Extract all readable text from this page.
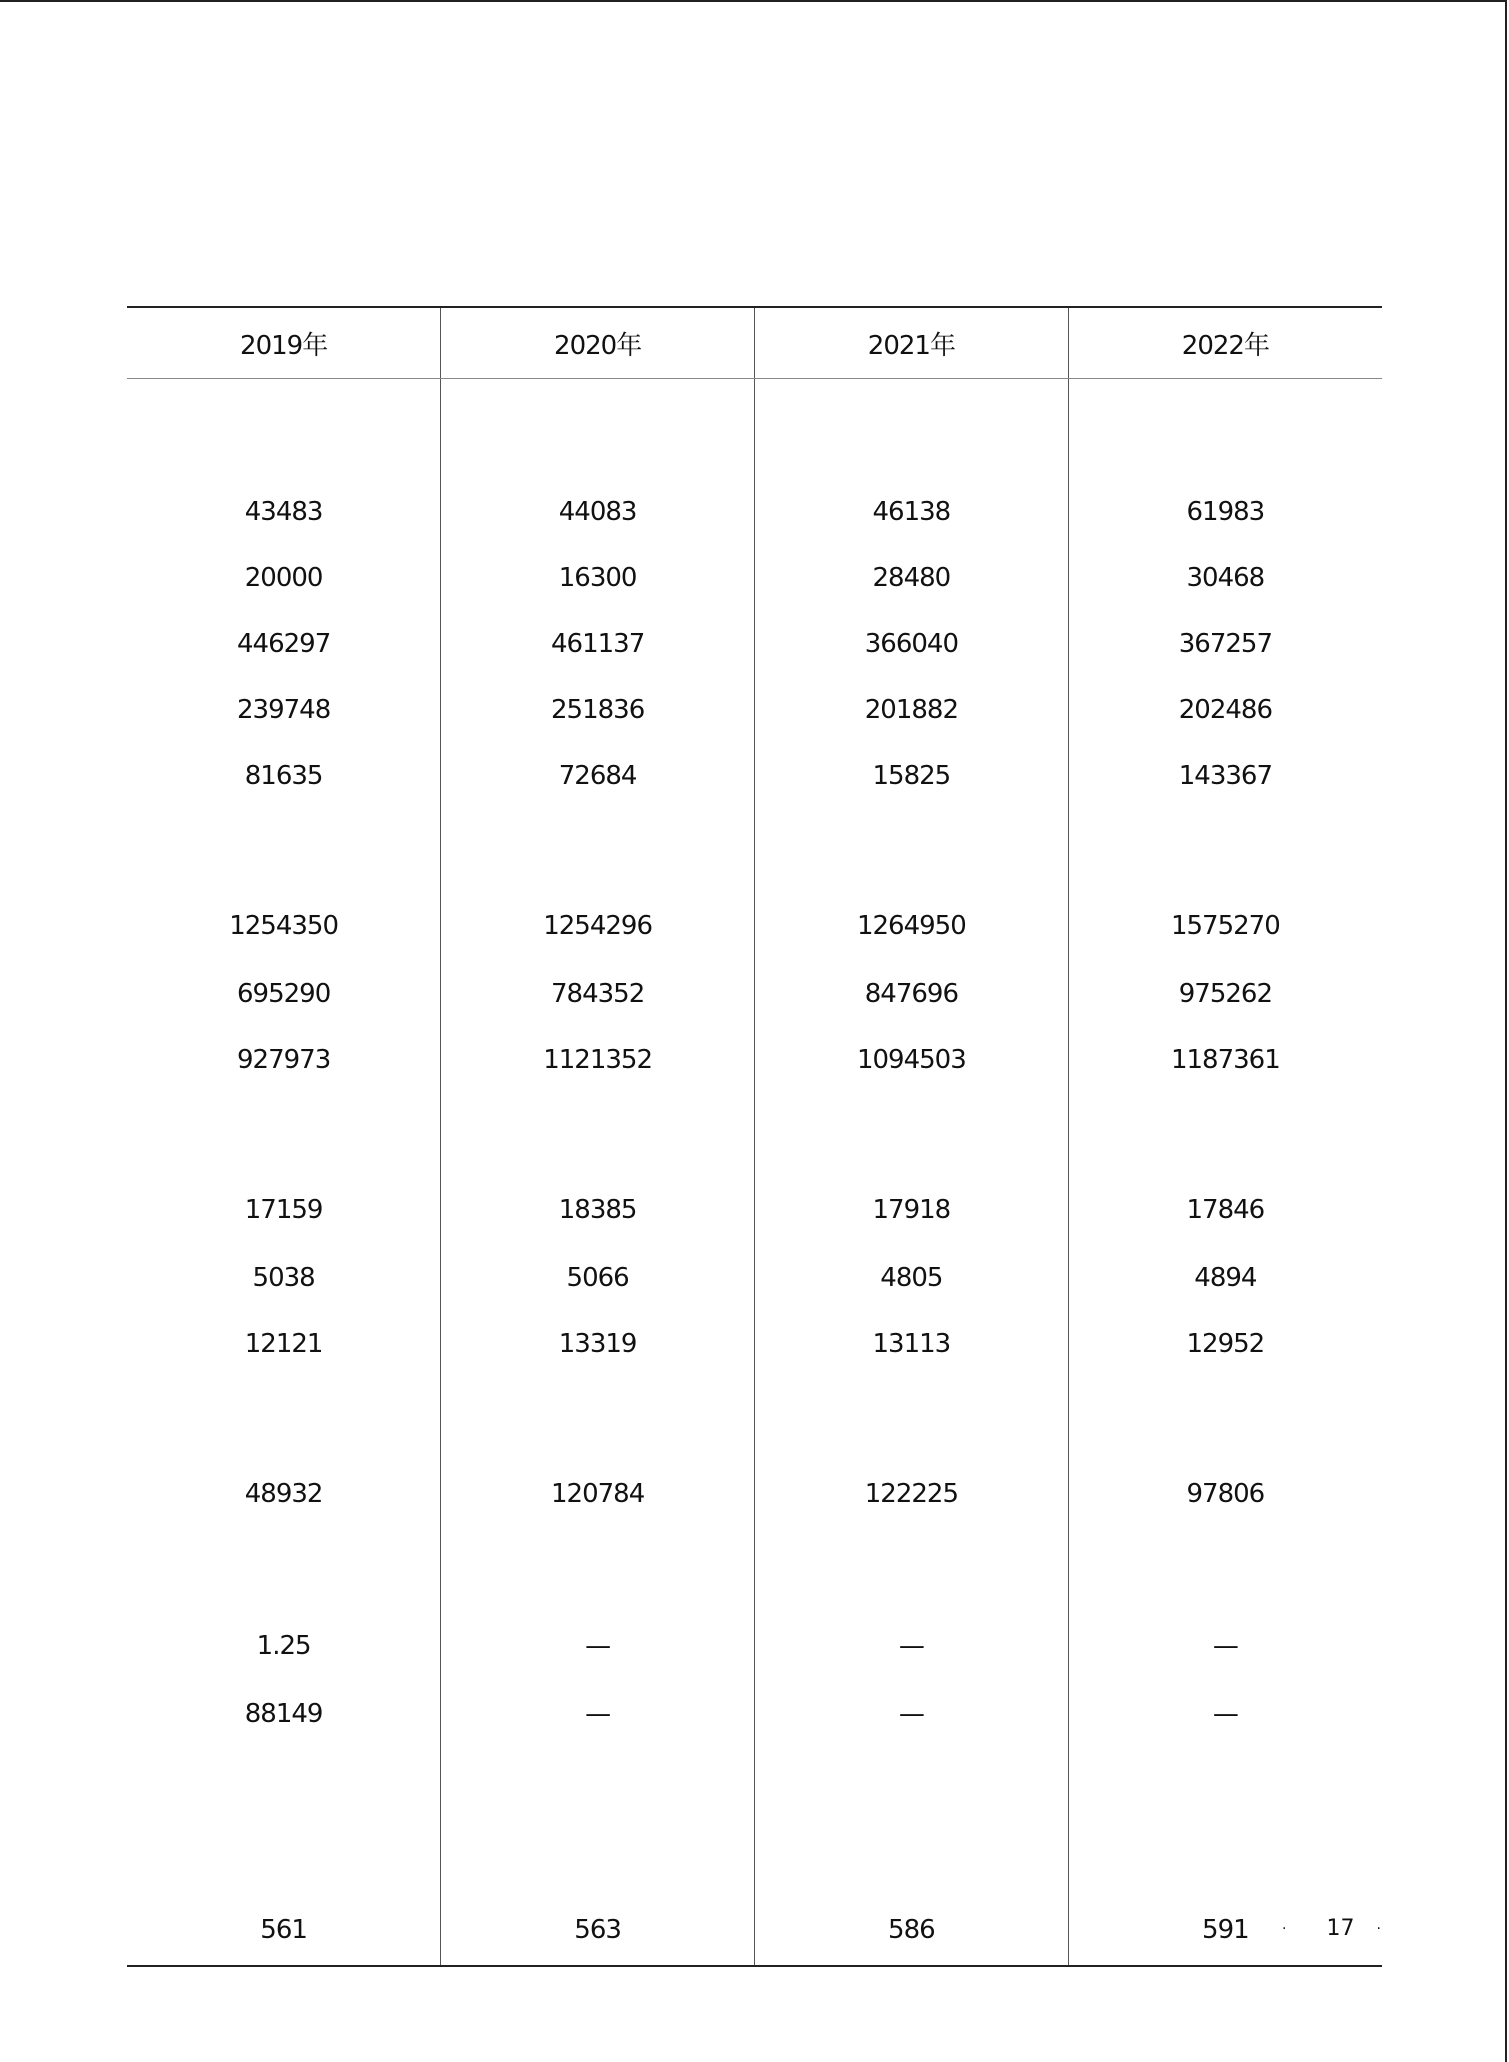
2019年	2020年	2021年	2022年

43483	44083	46138	61983
20000	16300	28480	30468
446297	461137	366040	367257
239748	251836	201882	202486
81635	72684	15825	143367
1254350	1254296	1264950	1575270
695290	784352	847696	975262
927973	1121352	1094503	1187361
17159	18385	17918	17846
5038	5066	4805	4894
12121	13319	13113	12952
48932	120784	122225	97806
1.25	—	—	—
88149	—	—	—
561	563	586	591 · 17 ·
